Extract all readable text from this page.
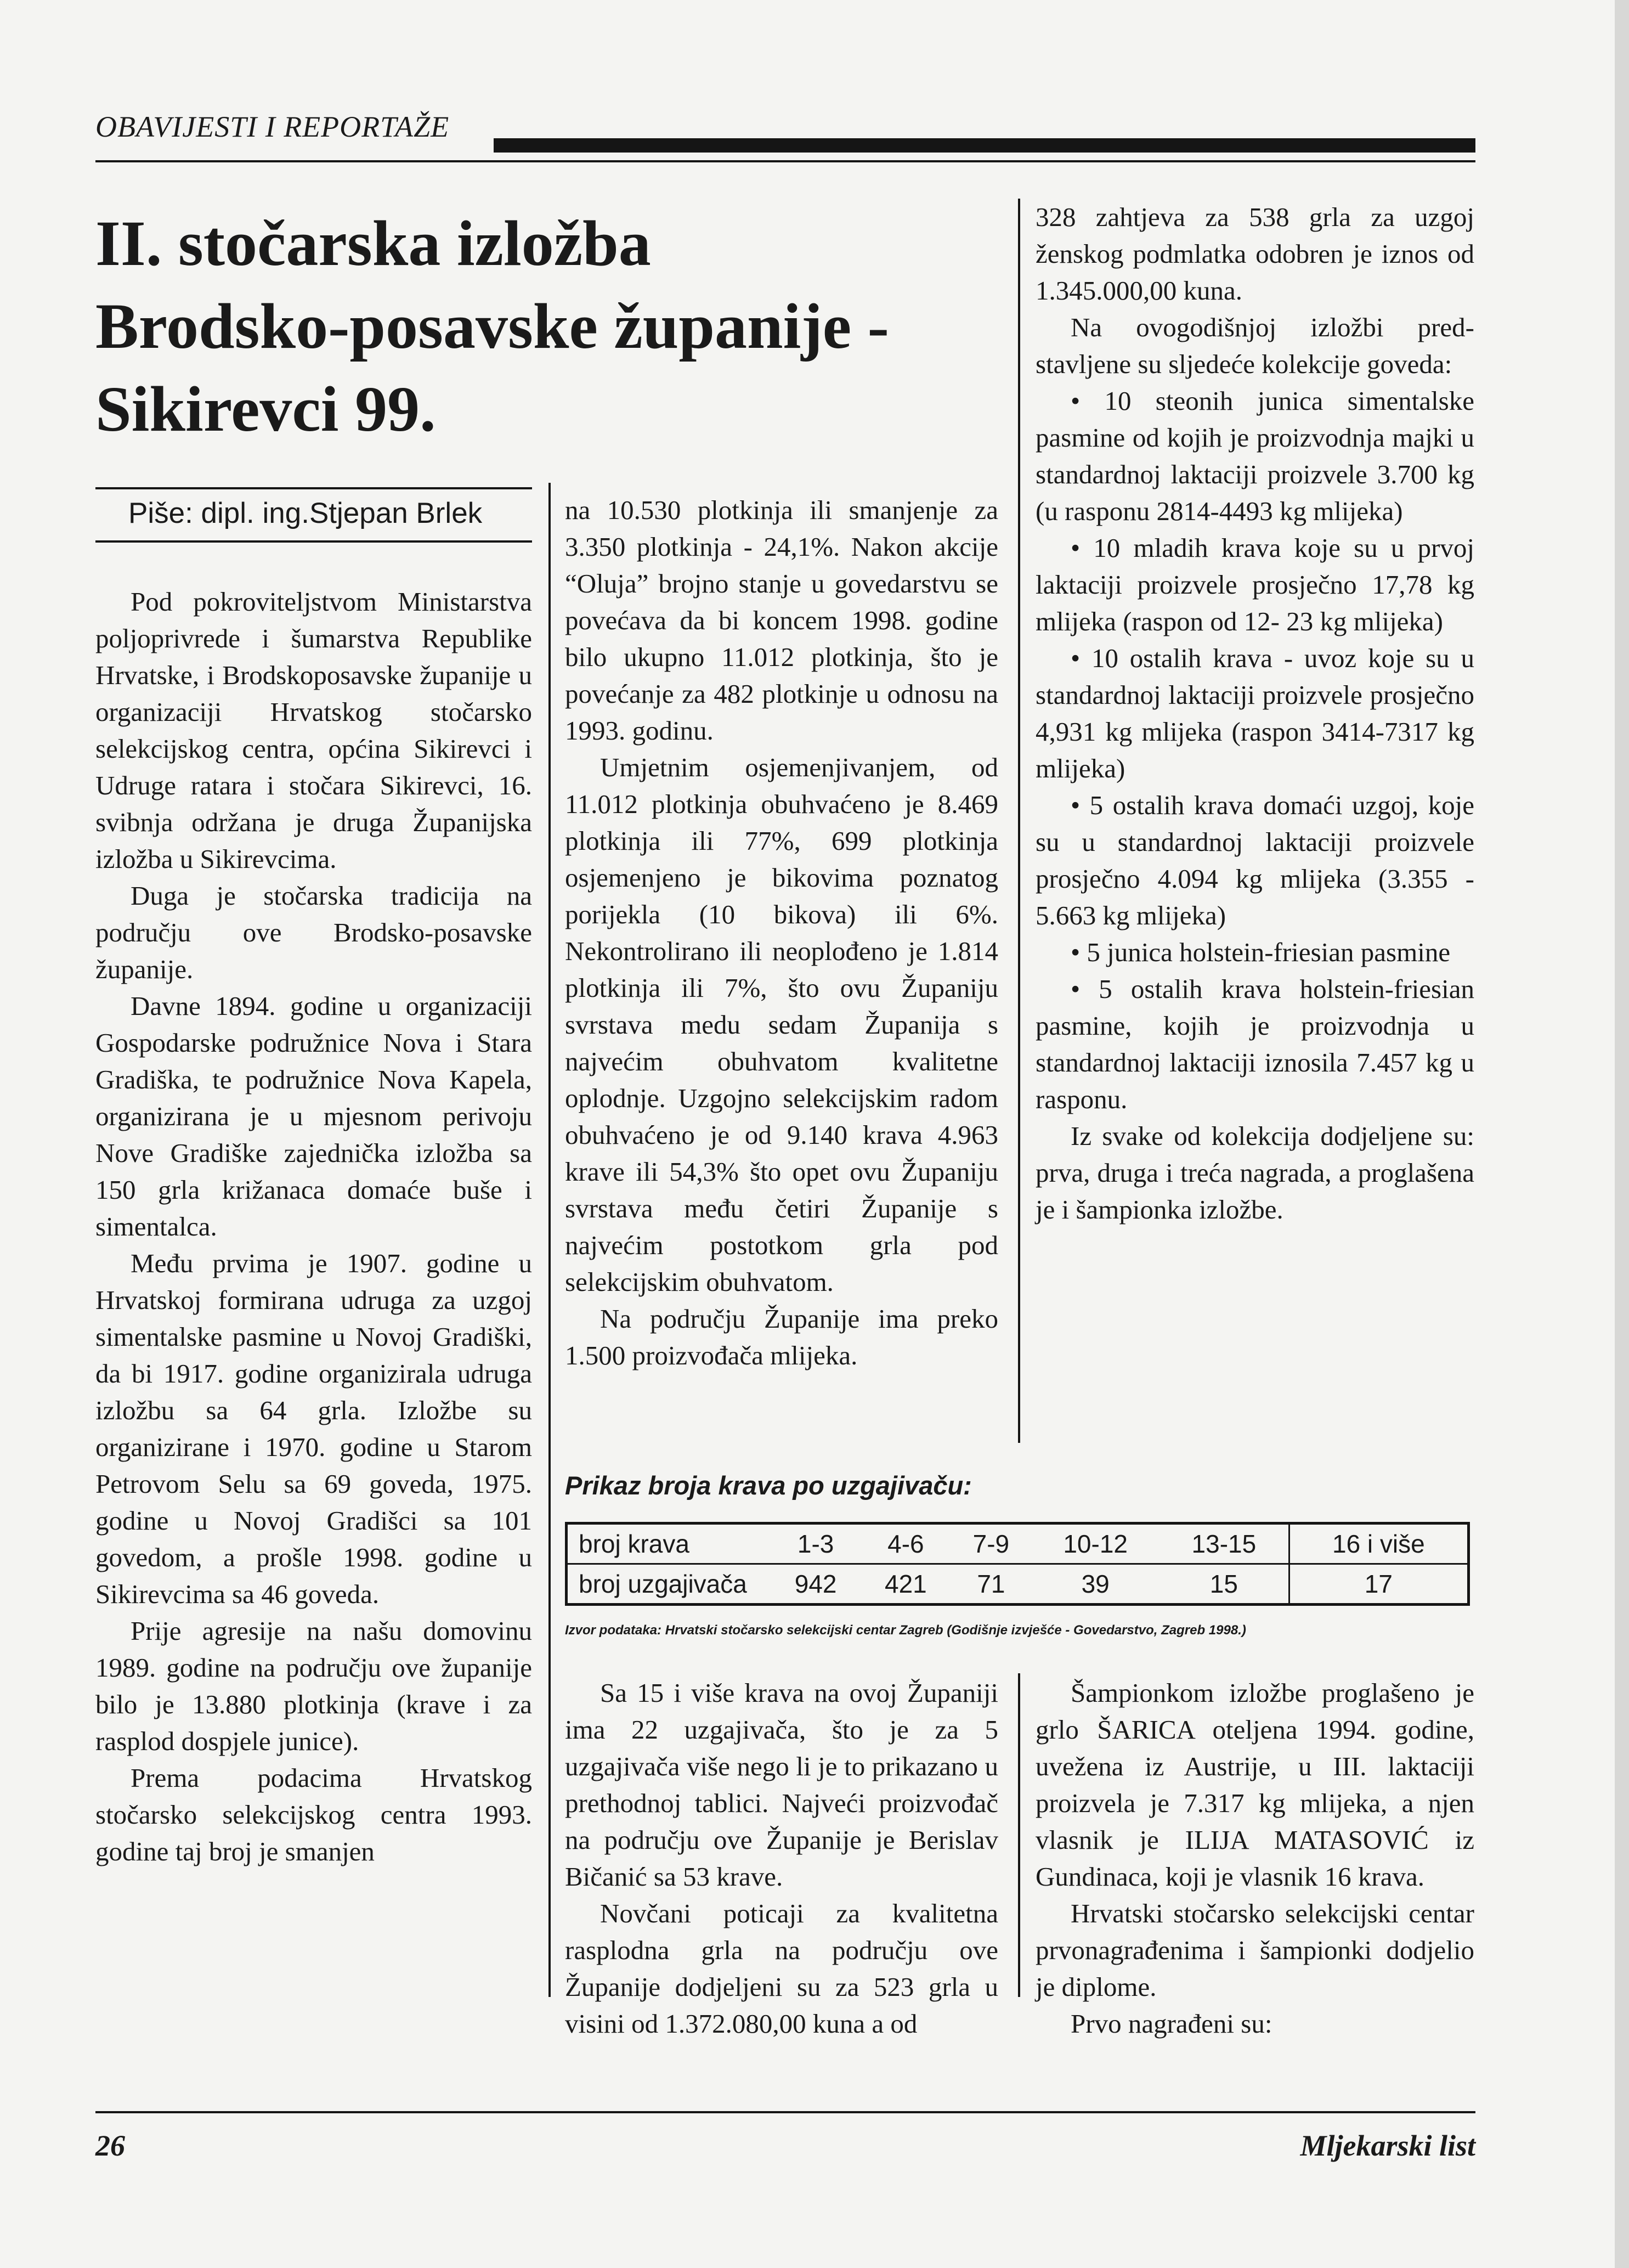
OBAVIJESTI I REPORTAŽE
II. stočarska izložba
Brodsko-posavske županije -
Sikirevci 99.
Piše: dipl. ing.Stjepan Brlek

Pod pokroviteljstvom Ministarstva poljoprivrede i šumarstva Republike Hrvatske, i Brodskoposavske županije u organizaciji Hrvatskog stočarsko selekcijskog centra, općina Sikirevci i Udruge ratara i stočara Sikirevci, 16. svibnja održana je druga Županijska izložba u Sikirevcima.

Duga je stočarska tradicija na području ove Brodsko-posavske županije.

Davne 1894. godine u organizaciji Gospodarske podružnice Nova i Stara Gradiška, te podružnice Nova Kapela, organizirana je u mjesnom perivoju Nove Gradiške zajednička izložba sa 150 grla križanaca domaće buše i simentalca.

Među prvima je 1907. godine u Hrvatskoj formirana udruga za uzgoj simentalske pasmine u Novoj Gradiški, da bi 1917. godine organizirala udruga izložbu sa 64 grla. Izložbe su organizirane i 1970. godine u Starom Petrovom Selu sa 69 goveda, 1975. godine u Novoj Gradišci sa 101 govedom, a prošle 1998. godine u Sikirevcima sa 46 goveda.

Prije agresije na našu domovinu 1989. godine na području ove županije bilo je 13.880 plotkinja (krave i za rasplod dospjele junice).

Prema podacima Hrvatskog stočarsko selekcijskog centra 1993. godine taj broj je smanjen

na 10.530 plotkinja ili smanjenje za 3.350 plotkinja - 24,1%. Nakon akcije “Oluja” brojno stanje u govedarstvu se povećava da bi koncem 1998. godine bilo ukupno 11.012 plotkinja, što je povećanje za 482 plotkinje u odnosu na 1993. godinu.

Umjetnim osjemenjivanjem, od 11.012 plotkinja obuhvaćeno je 8.469 plotkinja ili 77%, 699 plotkinja osjemenjeno je bikovima poznatog porijekla (10 bikova) ili 6%. Nekontrolirano ili neoplođeno je 1.814 plotkinja ili 7%, što ovu Županiju svrstava medu sedam Županija s najvećim obuhvatom kvalitetne oplodnje. Uzgojno selekcijskim radom obuhvaćeno je od 9.140 krava 4.963 krave ili 54,3% što opet ovu Županiju svrstava među četiri Županije s najvećim postotkom grla pod selekcijskim obuhvatom.

Na području Županije ima preko 1.500 proizvođača mlijeka.

328 zahtjeva za 538 grla za uzgoj ženskog podmlatka odobren je iznos od 1.345.000,00 kuna.

Na ovogodišnjoj izložbi predstavljene su sljedeće kolekcije goveda:

• 10 steonih junica simentalske pasmine od kojih je proizvodnja majki u standardnoj laktaciji proizvele 3.700 kg (u rasponu 2814-4493 kg mlijeka)

• 10 mladih krava koje su u prvoj laktaciji proizvele prosječno 17,78 kg mlijeka (raspon od 12- 23 kg mlijeka)

• 10 ostalih krava - uvoz koje su u standardnoj laktaciji proizvele prosječno 4,931 kg mlijeka (raspon 3414-7317 kg mlijeka)

• 5 ostalih krava domaći uzgoj, koje su u standardnoj laktaciji proizvele prosječno 4.094 kg mlijeka (3.355 - 5.663 kg mlijeka)

• 5 junica holstein-friesian pasmine

• 5 ostalih krava holstein-friesian pasmine, kojih je proizvodnja u standardnoj laktaciji iznosila 7.457 kg u rasponu.

Iz svake od kolekcija dodjeljene su: prva, druga i treća nagrada, a proglašena je i šampionka izložbe.

Prikaz broja krava po uzgajivaču:
broj krava	1-3	4-6	7-9	10-12	13-15	16 i više
broj uzgajivača	942	421	71	39	15	17
Izvor podataka: Hrvatski stočarsko selekcijski centar Zagreb (Godišnje izvješće - Govedarstvo, Zagreb 1998.)

Sa 15 i više krava na ovoj Županiji ima 22 uzgajivača, što je za 5 uzgajivača više nego li je to prikazano u prethodnoj tablici. Najveći proizvođač na području ove Županije je Berislav Bičanić sa 53 krave.

Novčani poticaji za kvalitetna rasplodna grla na području ove Županije dodjeljeni su za 523 grla u visini od 1.372.080,00 kuna a od

Šampionkom izložbe proglašeno je grlo ŠARICA oteljena 1994. godine, uvežena iz Austrije, u III. laktaciji proizvela je 7.317 kg mlijeka, a njen vlasnik je ILIJA MATASOVIĆ iz Gundinaca, koji je vlasnik 16 krava.

Hrvatski stočarsko selekcijski centar prvonagrađenima i šampionki dodjelio je diplome.

Prvo nagrađeni su:

26	Mljekarski list
